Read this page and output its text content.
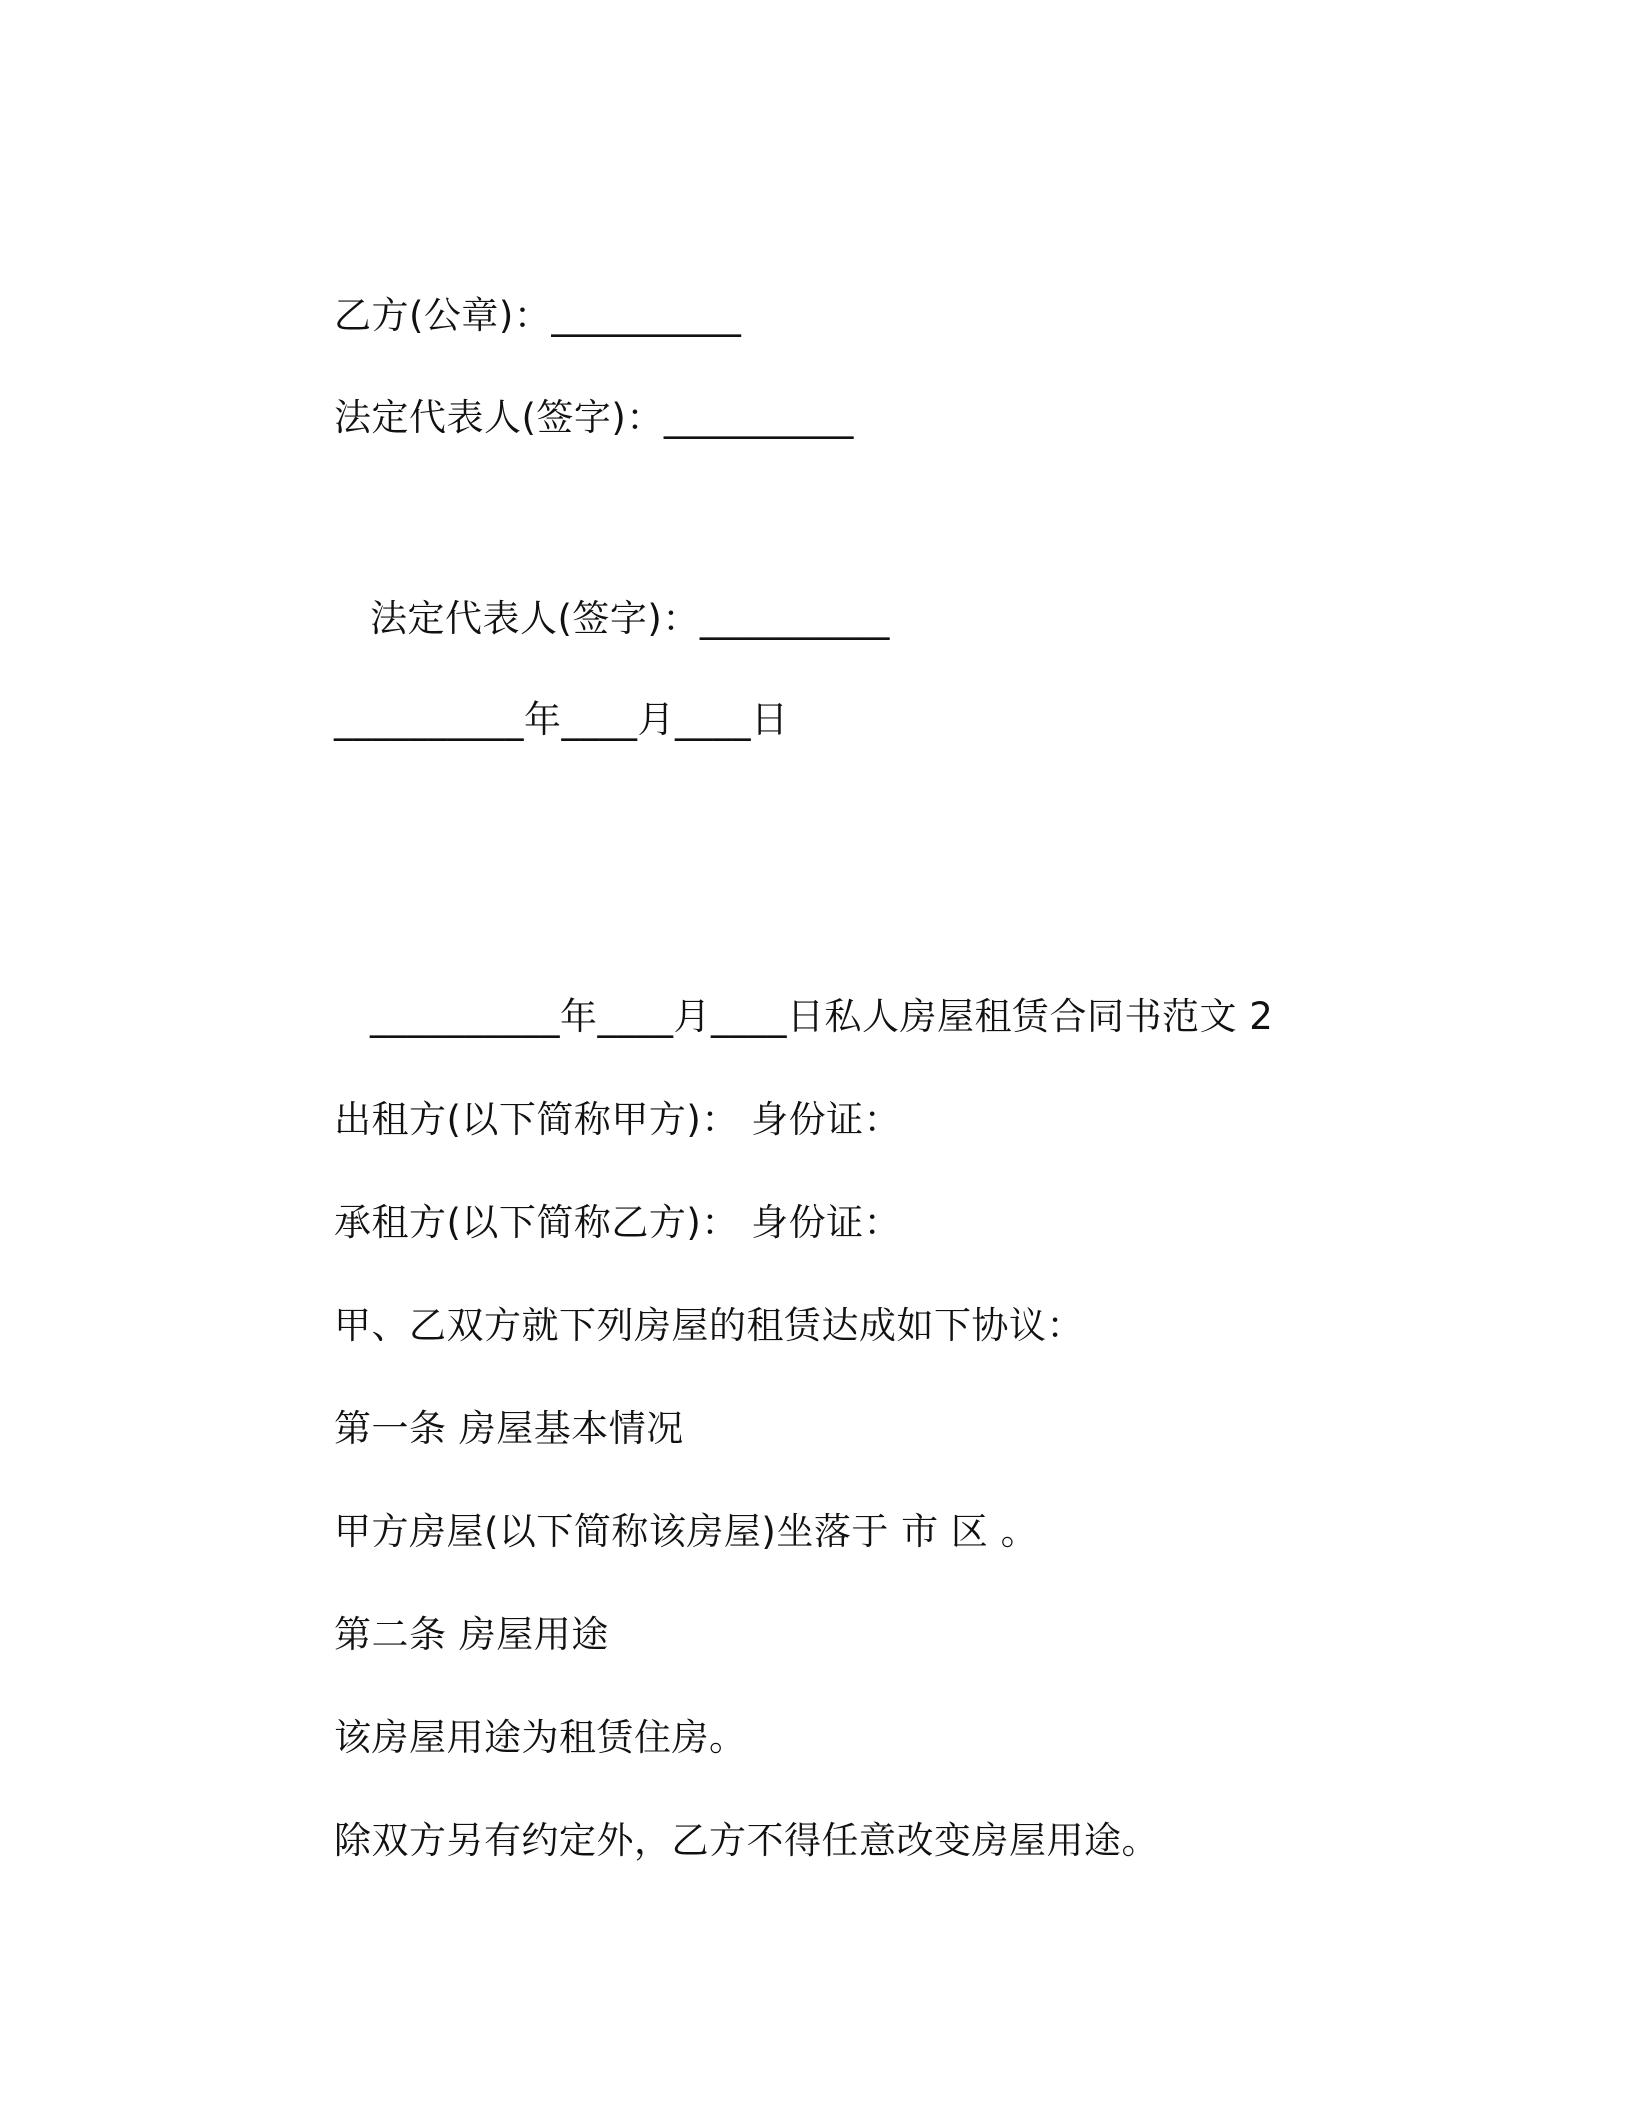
乙方(公章)：__________
法定代表人(签字)：__________
法定代表人(签字)：__________
__________年____月____日
__________年____月____日私人房屋租赁合同书范文 2
出租方(以下简称甲方)： 身份证：
承租方(以下简称乙方)： 身份证：
甲、乙双方就下列房屋的租赁达成如下协议：
第一条 房屋基本情况
甲方房屋(以下简称该房屋)坐落于 市 区 。
第二条 房屋用途
该房屋用途为租赁住房。
除双方另有约定外，乙方不得任意改变房屋用途。
